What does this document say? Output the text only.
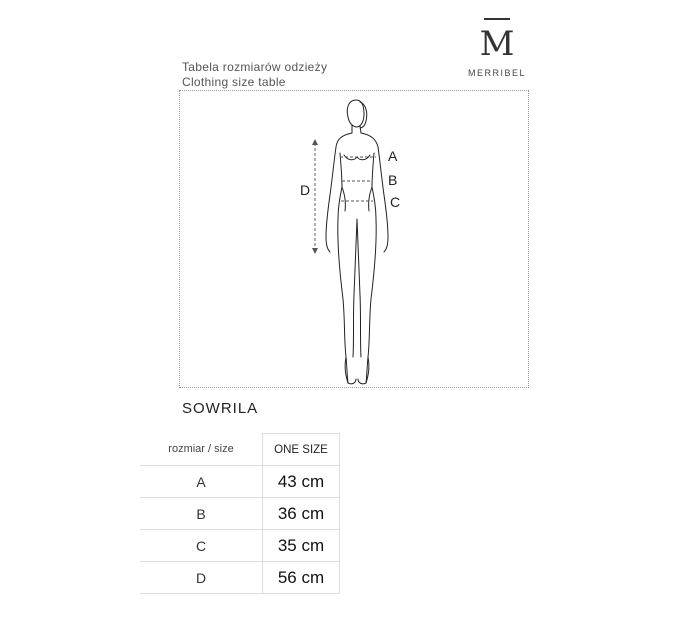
M
MERRIBEL
Tabela rozmiarów odzieży
Clothing size table
A
B
C
D
SOWRILA
rozmiar / size	ONE SIZE
A	43 cm
B	36 cm
C	35 cm
D	56 cm
